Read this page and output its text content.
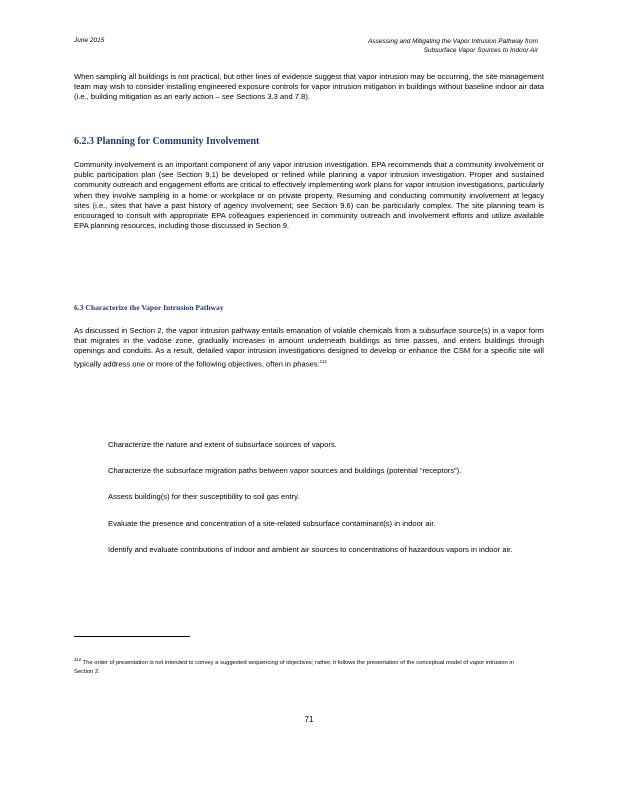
June 2015	Assessing and Mitigating the Vapor Intrusion Pathway from
Subsurface Vapor Sources to Indoor Air

When sampling all buildings is not practical, but other lines of evidence suggest that vapor intrusion may be occurring, the site management team may wish to consider installing engineered exposure controls for vapor intrusion mitigation in buildings without baseline indoor air data (i.e., building mitigation as an early action – see Sections 3.3 and 7.8).

6.2.3 Planning for Community Involvement

Community involvement is an important component of any vapor intrusion investigation. EPA recommends that a community involvement or public participation plan (see Section 9.1) be developed or refined while planning a vapor intrusion investigation. Proper and sustained community outreach and engagement efforts are critical to effectively implementing work plans for vapor intrusion investigations, particularly when they involve sampling in a home or workplace or on private property. Resuming and conducting community involvement at legacy sites (i.e., sites that have a past history of agency involvement; see Section 9.6) can be particularly complex. The site planning team is encouraged to consult with appropriate EPA colleagues experienced in community outreach and involvement efforts and utilize available EPA planning resources, including those discussed in Section 9.

6.3 Characterize the Vapor Intrusion Pathway

As discussed in Section 2, the vapor intrusion pathway entails emanation of volatile chemicals from a subsurface source(s) in a vapor form that migrates in the vadose zone, gradually increases in amount underneath buildings as time passes, and enters buildings through openings and conduits. As a result, detailed vapor intrusion investigations designed to develop or enhance the CSM for a specific site will typically address one or more of the following objectives, often in phases:$^{112}$

Characterize the nature and extent of subsurface sources of vapors.
Characterize the subsurface migration paths between vapor sources and buildings (potential “receptors”).
Assess building(s) for their susceptibility to soil gas entry.
Evaluate the presence and concentration of a site-related subsurface contaminant(s) in indoor air.
Identify and evaluate contributions of indoor and ambient air sources to concentrations of hazardous vapors in indoor air.

$^{112}$ The order of presentation is not intended to convey a suggested sequencing of objectives; rather, it follows the presentation of the conceptual model of vapor intrusion in Section 2.

71
